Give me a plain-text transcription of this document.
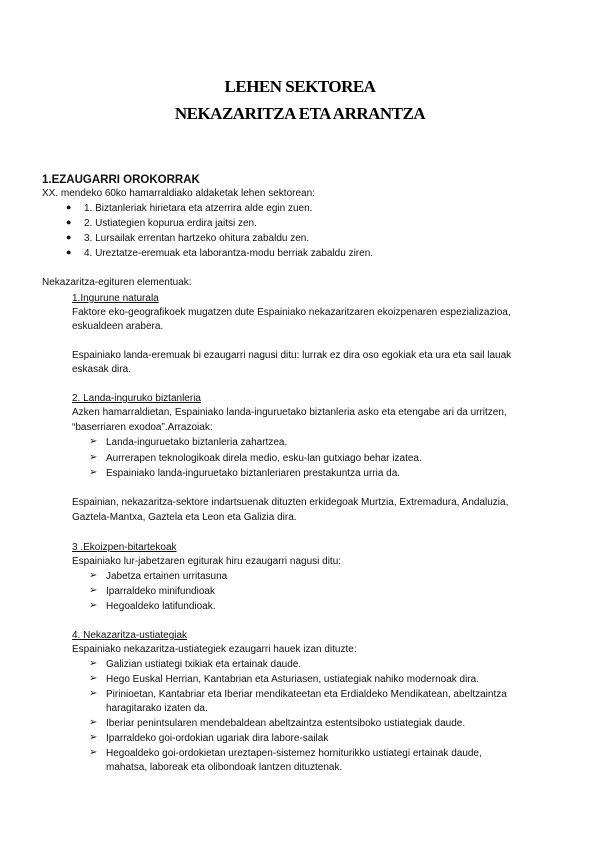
LEHEN SEKTOREA
NEKAZARITZA ETA ARRANTZA
1.EZAUGARRI OROKORRAK
XX. mendeko 60ko hamarraldiako aldaketak lehen sektorean:
● 1. Biztanleriak hirietara eta atzerrira alde egin zuen.
● 2. Ustiategien kopurua erdira jaitsi zen.
● 3. Lursailak errentan hartzeko ohitura zabaldu zen.
● 4. Ureztatze-eremuak eta laborantza-modu berriak zabaldu ziren.
Nekazaritza-egituren elementuak:
1.Ingurune naturala
Faktore eko-geografikoek mugatzen dute Espainiako nekazaritzaren ekoizpenaren espezializazioa,
eskualdeen arabera.
Espainiako landa-eremuak bi ezaugarri nagusi ditu: lurrak ez dira oso egokiak eta ura eta sail lauak
eskasak dira.
2. Landa-inguruko biztanleria
Azken hamarraldietan, Espainiako landa-inguruetako biztanleria asko eta etengabe ari da urritzen,
“baserriaren exodoa”.Arrazoiak:
➢ Landa-inguruetako biztanleria zahartzea.
➢ Aurrerapen teknologikoak direla medio, esku-lan gutxiago behar izatea.
➢ Espainiako landa-inguruetako biztanleriaren prestakuntza urria da.
Espainian, nekazaritza-sektore indartsuenak dituzten erkidegoak Murtzia, Extremadura, Andaluzia,
Gaztela-Mantxa, Gaztela eta Leon eta Galizia dira.
3 .Ekoizpen-bitartekoak
Espainiako lur-jabetzaren egiturak hiru ezaugarri nagusi ditu:
➢ Jabetza ertainen urritasuna
➢ Iparraldeko minifundioak
➢ Hegoaldeko latifundioak.
4. Nekazaritza-ustiategiak
Espainiako nekazaritza-ustiategiek ezaugarri hauek izan dituzte:
➢ Galizian ustiategi txikiak eta ertainak daude.
➢ Hego Euskal Herrian, Kantabrian eta Asturiasen, ustiategiak nahiko modernoak dira.
➢ Pirinioetan, Kantabriar eta Iberiar mendikateetan eta Erdialdeko Mendikatean, abeltzaintza
haragitarako izaten da.
➢ Iberiar penintsularen mendebaldean abeltzaintza estentsiboko ustiategiak daude.
➢ Iparraldeko goi-ordokian ugariak dira labore-sailak
➢ Hegoaldeko goi-ordokietan ureztapen-sistemez horniturikko ustiategi ertainak daude,
mahatsa, laboreak eta olibondoak lantzen dituztenak.
